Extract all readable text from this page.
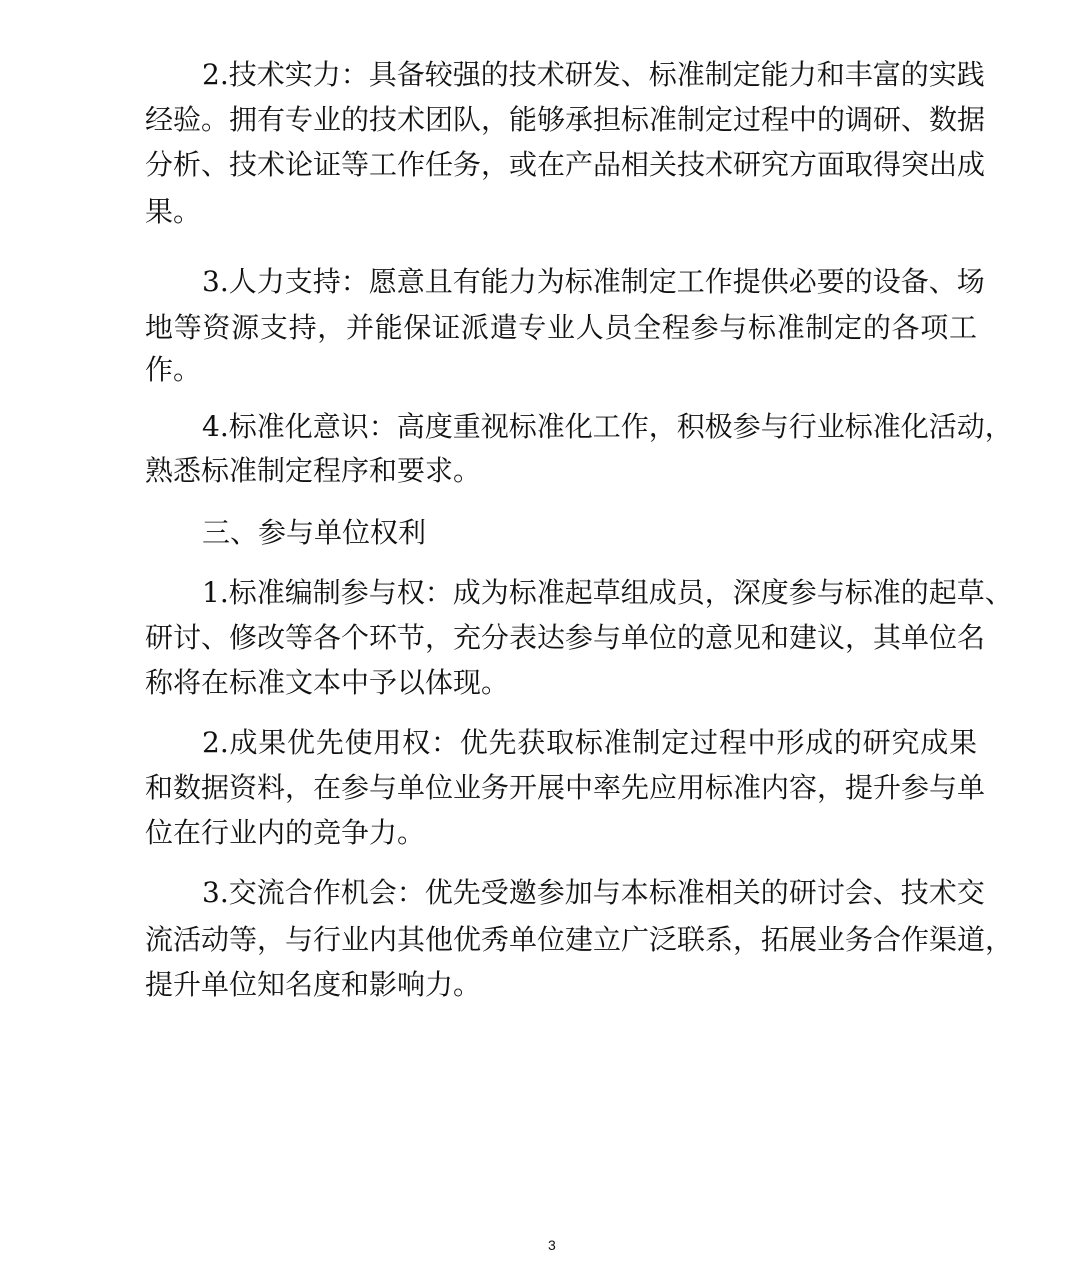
三、参与单位权利
3
2.技术实力：具备较强的技术研发、标准制定能力和丰富的实践
经验。拥有专业的技术团队，能够承担标准制定过程中的调研、数据
分析、技术论证等工作任务，或在产品相关技术研究方面取得突出成
果。
3.人力支持：愿意且有能力为标准制定工作提供必要的设备、场
地等资源支持，并能保证派遣专业人员全程参与标准制定的各项工
作。
4.标准化意识：高度重视标准化工作，积极参与行业标准化活动，
熟悉标准制定程序和要求。
1.标准编制参与权：成为标准起草组成员，深度参与标准的起草、
研讨、修改等各个环节，充分表达参与单位的意见和建议，其单位名
称将在标准文本中予以体现。
2.成果优先使用权：优先获取标准制定过程中形成的研究成果
和数据资料，在参与单位业务开展中率先应用标准内容，提升参与单
位在行业内的竞争力。
3.交流合作机会：优先受邀参加与本标准相关的研讨会、技术交
流活动等，与行业内其他优秀单位建立广泛联系，拓展业务合作渠道，
提升单位知名度和影响力。
